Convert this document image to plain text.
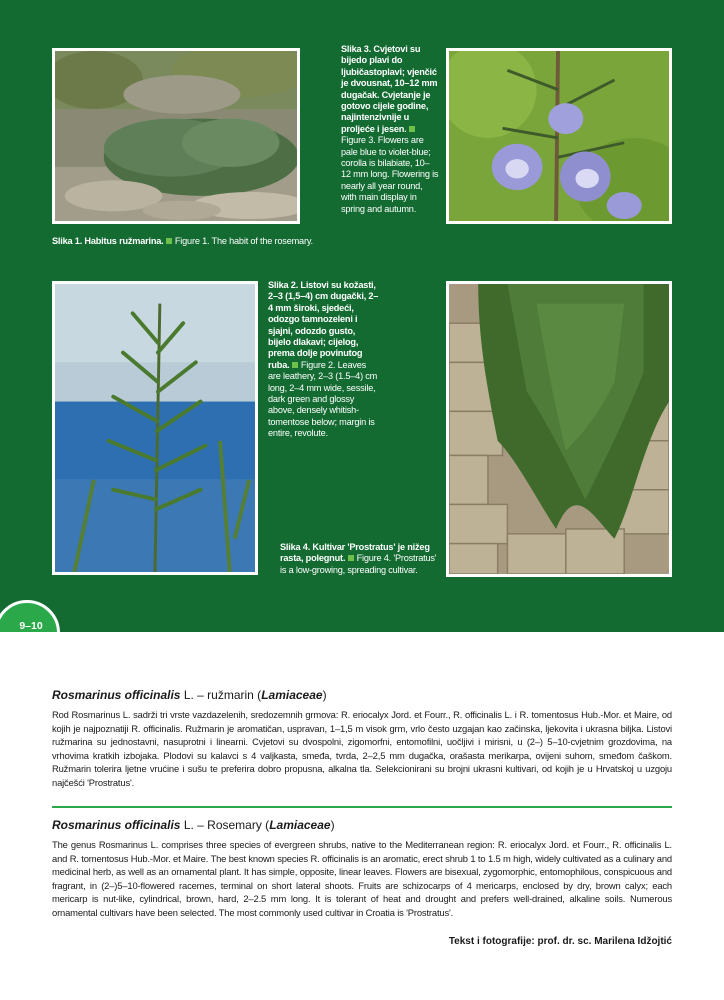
Slika 1. Habitus ružmarina. Figure 1. The habit of the rosemary.
Slika 3. Cvjetovi su bijedo plavi do ljubičastoplavi; vjenčić je dvousnat, 10–12 mm dugačak. Cvjetanje je gotovo cijele godine, najintenzivnije u proljeće i jesen. Figure 3. Flowers are pale blue to violet-blue; corolla is bilabiate, 10–12 mm long. Flowering is nearly all year round, with main display in spring and autumn.
Slika 2. Listovi su kožasti, 2–3 (1,5–4) cm dugački, 2–4 mm široki, sjedeći, odozgo tamnozeleni i sjajni, odozdo gusto, bijelo dlakavi; cijelog, prema dolje povinutog ruba. Figure 2. Leaves are leathery, 2–3 (1.5–4) cm long, 2–4 mm wide, sessile, dark green and glossy above, densely whitish-tomentose below; margin is entire, revolute.
Slika 4. Kultivar 'Prostratus' je nižeg rasta, polegnut. Figure 4. 'Prostratus' is a low-growing, spreading cultivar.
9–10

Rosmarinus officinalis L. – ružmarin (Lamiaceae)

Rod Rosmarinus L. sadrži tri vrste vazdazelenih, sredozemnih grmova: R. eriocalyx Jord. et Fourr., R. officinalis L. i R. tomentosus Hub.-Mor. et Maire, od kojih je najpoznatiji R. officinalis. Ružmarin je aromatičan, uspravan, 1–1,5 m visok grm, vrlo često uzgajan kao začinska, ljekovita i ukrasna biljka. Listovi ružmarina su jednostavni, nasuprotni i linearni. Cvjetovi su dvospolni, zigomorfni, entomofilni, uočljivi i mirisni, u (2–) 5–10-cvjetnim grozdovima, na vrhovima kratkih izbojaka. Plodovi su kalavci s 4 valjkasta, smeđa, tvrda, 2–2,5 mm dugačka, orašasta merikarpa, ovijeni suhom, smeđom čaškom. Ružmarin tolerira ljetne vrućine i sušu te preferira dobro propusna, alkalna tla. Selekcionirani su brojni ukrasni kultivari, od kojih je u Hrvatskoj u uzgoju najčešći 'Prostratus'.

Rosmarinus officinalis L. – Rosemary (Lamiaceae)

The genus Rosmarinus L. comprises three species of evergreen shrubs, native to the Mediterranean region: R. eriocalyx Jord. et Fourr., R. officinalis L. and R. tomentosus Hub.-Mor. et Maire. The best known species R. officinalis is an aromatic, erect shrub 1 to 1.5 m high, widely cultivated as a culinary and medicinal herb, as well as an ornamental plant. It has simple, opposite, linear leaves. Flowers are bisexual, zygomorphic, entomophilous, conspicuous and fragrant, in (2–)5–10-flowered racemes, terminal on short lateral shoots. Fruits are schizocarps of 4 mericarps, enclosed by dry, brown calyx; each mericarp is nut-like, cylindrical, brown, hard, 2–2.5 mm long. It is tolerant of heat and drought and prefers well-drained, alkaline soils. Numerous ornamental cultivars have been selected. The most commonly used cultivar in Croatia is 'Prostratus'.

Tekst i fotografije: prof. dr. sc. Marilena Idžojtić
